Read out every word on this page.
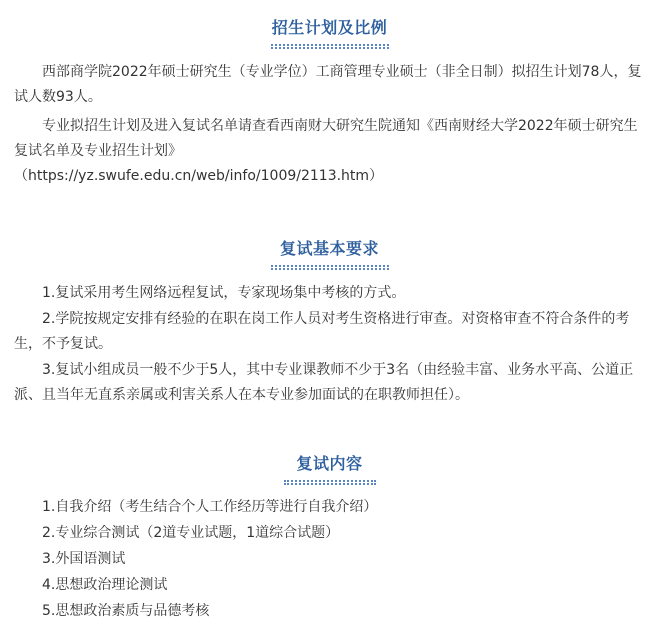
招生计划及比例

西部商学院2022年硕士研究生（专业学位）工商管理专业硕士（非全日制）拟招生计划78人，复试人数93人。

专业拟招生计划及进入复试名单请查看西南财大研究生院通知《西南财经大学2022年硕士研究生复试名单及专业招生计划》

（https://yz.swufe.edu.cn/web/info/1009/2113.htm）

复试基本要求

1.复试采用考生网络远程复试，专家现场集中考核的方式。

2.学院按规定安排有经验的在职在岗工作人员对考生资格进行审查。对资格审查不符合条件的考生，不予复试。

3.复试小组成员一般不少于5人，其中专业课教师不少于3名（由经验丰富、业务水平高、公道正派、且当年无直系亲属或利害关系人在本专业参加面试的在职教师担任）。

复试内容

1.自我介绍（考生结合个人工作经历等进行自我介绍）

2.专业综合测试（2道专业试题，1道综合试题）

3.外国语测试

4.思想政治理论测试

5.思想政治素质与品德考核
